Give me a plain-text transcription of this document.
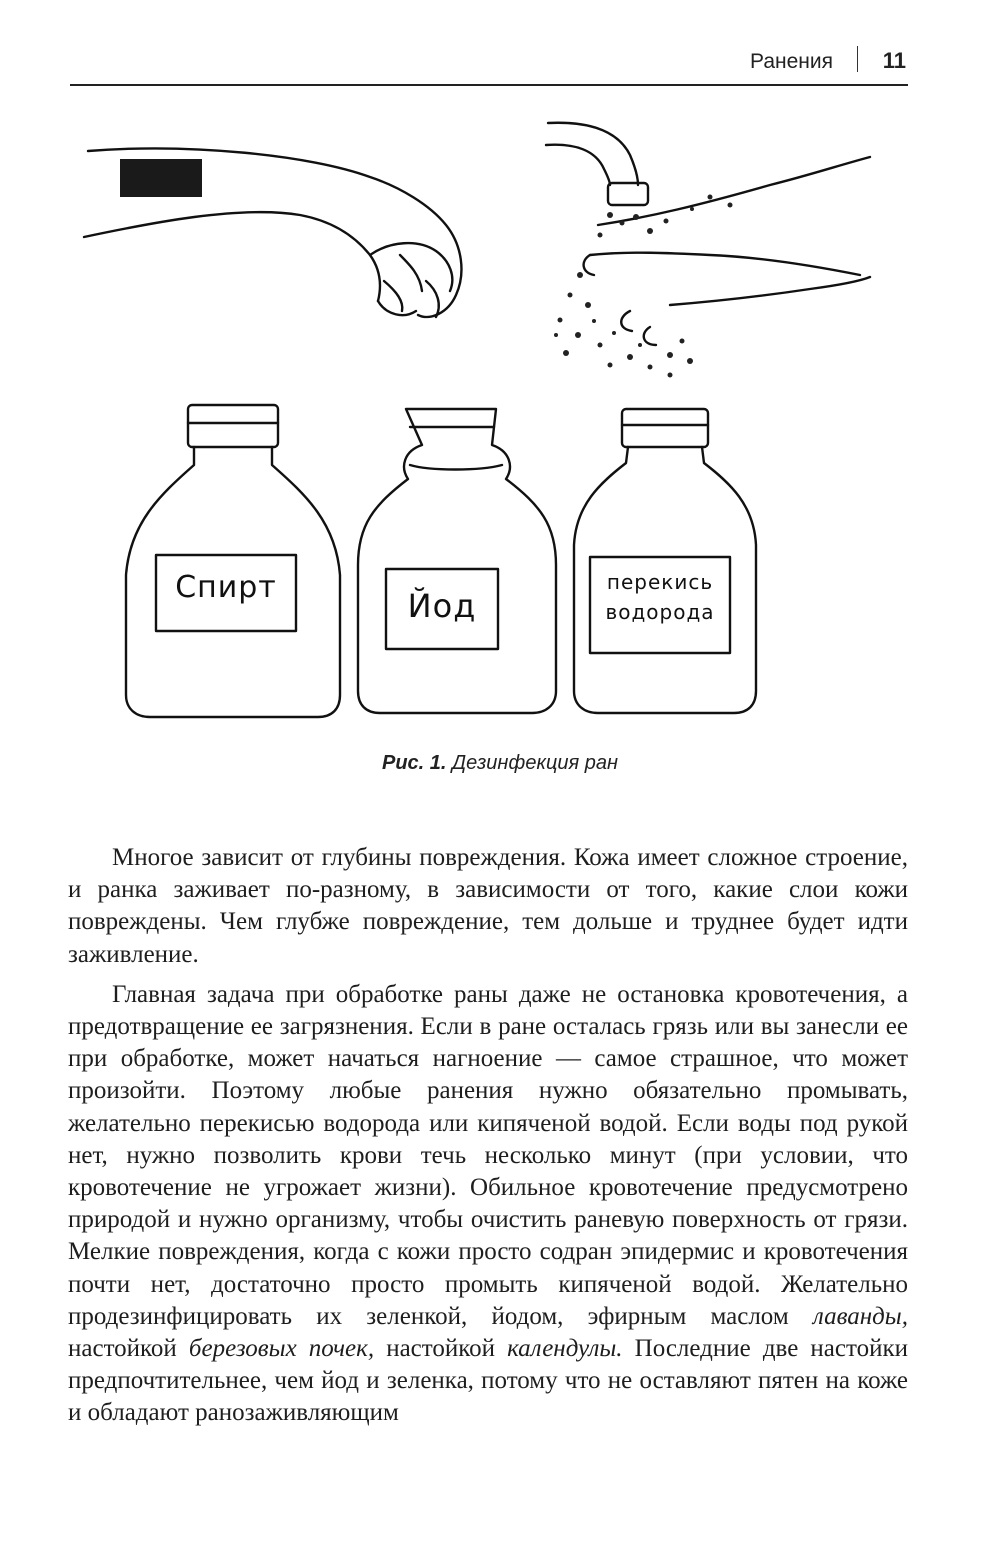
Ранения 11
Спирт	Йод
перекись
водорода
Рис. 1. Дезинфекция ран

Многое зависит от глубины повреждения. Кожа имеет сложное строение, и ранка заживает по-разному, в зависимости от того, какие слои кожи повреждены. Чем глубже повреждение, тем дольше и труднее будет идти заживление.

Главная задача при обработке раны даже не остановка кровотечения, а предотвращение ее загрязнения. Если в ране осталась грязь или вы занесли ее при обработке, может начаться нагноение — самое страшное, что может произойти. Поэтому любые ранения нужно обязательно промывать, желательно перекисью водорода или кипяченой водой. Если воды под рукой нет, нужно позволить крови течь несколько минут (при условии, что кровотечение не угрожает жизни). Обильное кровотечение предусмотрено природой и нужно организму, чтобы очистить раневую поверхность от грязи. Мелкие повреждения, когда с кожи просто содран эпидермис и кровотечения почти нет, достаточно просто промыть кипяченой водой. Желательно продезинфицировать их зеленкой, йодом, эфирным маслом лаванды, настойкой березовых почек, настойкой календулы. Последние две настойки предпочтительнее, чем йод и зеленка, потому что не оставляют пятен на коже и обладают ранозаживляющим
